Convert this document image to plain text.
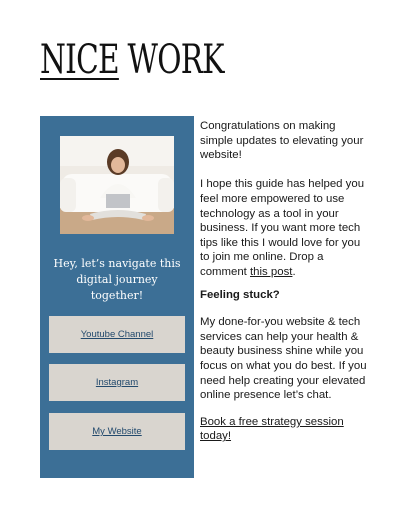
NICE WORK
Hey, let’s navigate this digital journey together!
Youtube Channel
Instagram
My Website

Congratulations on making simple updates to elevating your website!

I hope this guide has helped you feel more empowered to use technology as a tool in your business. If you want more tech tips like this I would love for you to join me online. Drop a comment this post.

Feeling stuck?

My done-for-you website & tech services can help your health & beauty business shine while you focus on what you do best. If you need help creating your elevated online presence let’s chat.

Book a free strategy session today!
